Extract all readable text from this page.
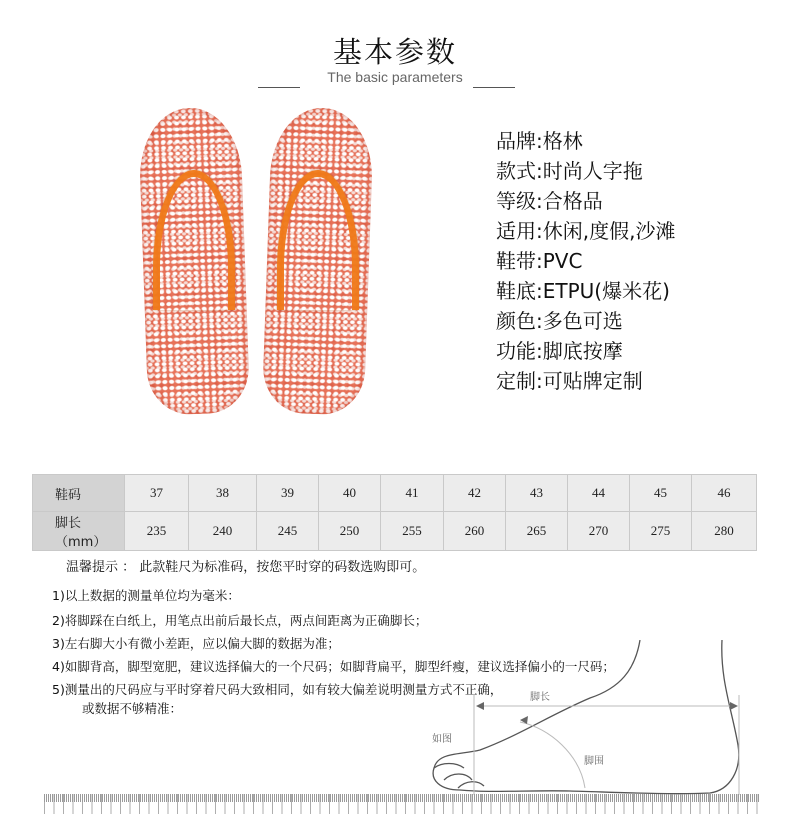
基本参数
The basic parameters
品牌:格林
款式:时尚人字拖
等级:合格品
适用:休闲,度假,沙滩
鞋带:PVC
鞋底:ETPU(爆米花)
颜色:多色可选
功能:脚底按摩
定制:可贴牌定制
鞋码	37	38	39	40	41	42	43	44	45	46
脚长（mm）	235	240	245	250	255	260	265	270	275	280
温馨提示 ： 此款鞋尺为标准码，按您平时穿的码数选购即可。
1)以上数据的测量单位均为毫米：
2)将脚踩在白纸上，用笔点出前后最长点，两点间距离为正确脚长；
3)左右脚大小有微小差距，应以偏大脚的数据为准；
4)如脚背高，脚型宽肥，建议选择偏大的一个尺码；如脚背扁平，脚型纤瘦，建议选择偏小的一尺码；
5)测量出的尺码应与平时穿着尺码大致相同，如有较大偏差说明测量方式不正确，
或数据不够精准：
脚长
如图
脚围
